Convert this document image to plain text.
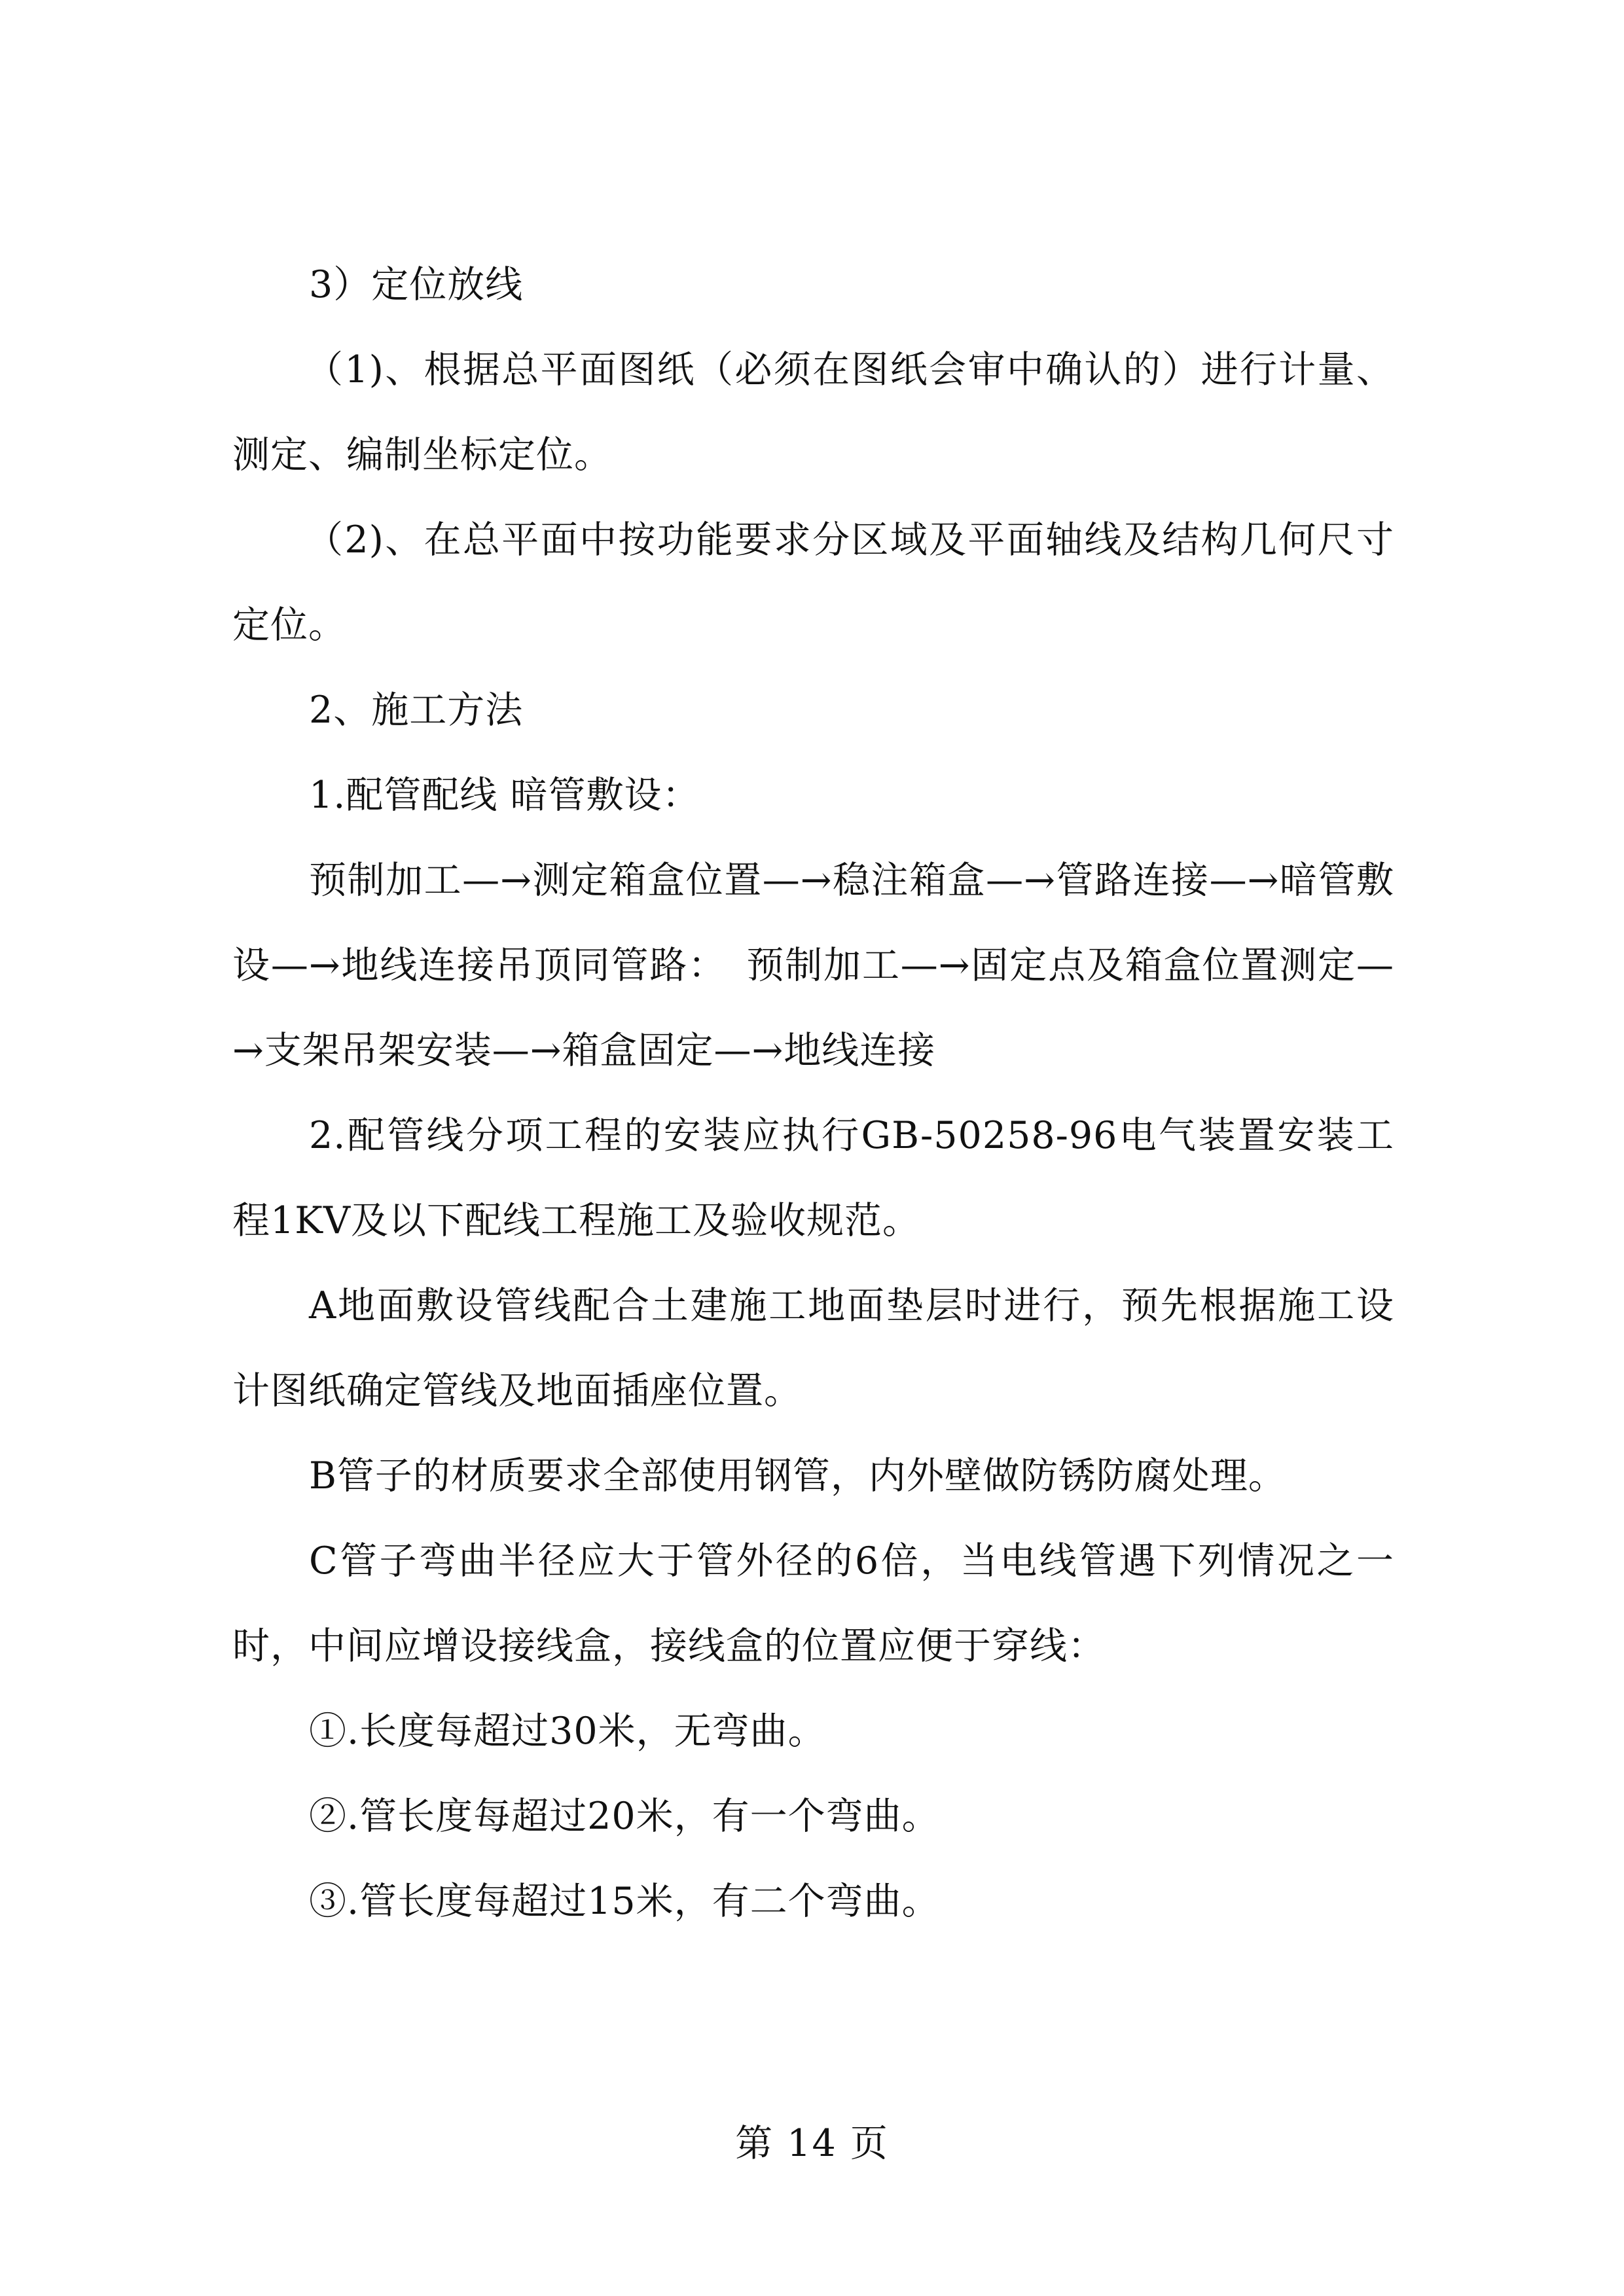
3）定位放线

（1)、根据总平面图纸（必须在图纸会审中确认的）进行计量、测定、编制坐标定位。

（2)、在总平面中按功能要求分区域及平面轴线及结构几何尺寸定位。

2、施工方法

1.配管配线 暗管敷设：

预制加工—→测定箱盒位置—→稳注箱盒—→管路连接—→暗管敷设—→地线连接吊顶同管路：　预制加工—→固定点及箱盒位置测定—→支架吊架安装—→箱盒固定—→地线连接

2.配管线分项工程的安装应执行GB-50258-96电气装置安装工程1KV及以下配线工程施工及验收规范。

A地面敷设管线配合土建施工地面垫层时进行，预先根据施工设计图纸确定管线及地面插座位置。

B管子的材质要求全部使用钢管，内外壁做防锈防腐处理。

C管子弯曲半径应大于管外径的6倍，当电线管遇下列情况之一时，中间应增设接线盒，接线盒的位置应便于穿线：

①.长度每超过30米，无弯曲。

②.管长度每超过20米，有一个弯曲。

③.管长度每超过15米，有二个弯曲。

第 14 页
